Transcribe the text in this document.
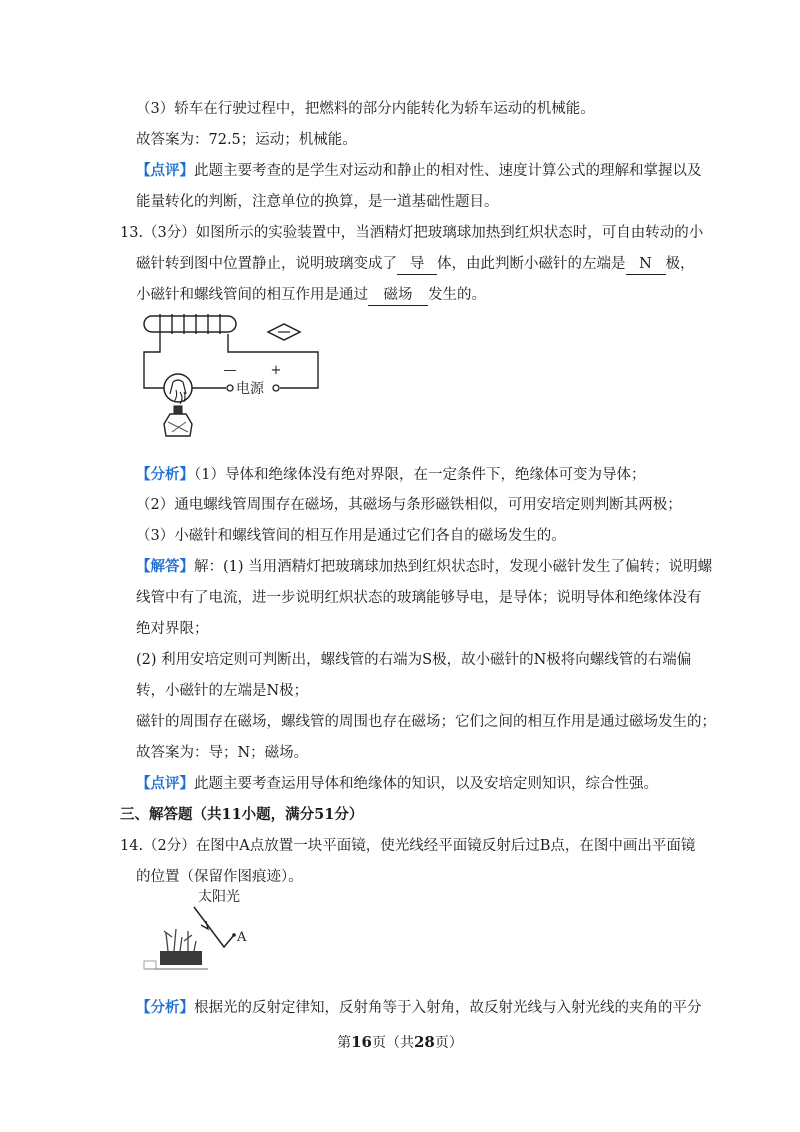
（3）轿车在行驶过程中，把燃料的部分内能转化为轿车运动的机械能。
故答案为：72.5；运动；机械能。
【点评】此题主要考查的是学生对运动和静止的相对性、速度计算公式的理解和掌握以及
能量转化的判断，注意单位的换算，是一道基础性题目。
13.（3分）如图所示的实验装置中，当酒精灯把玻璃球加热到红炽状态时，可自由转动的小
磁针转到图中位置静止，说明玻璃变成了 导 体，由此判断小磁针的左端是 N 极，
小磁针和螺线管间的相互作用是通过 磁场 发生的。
—	+
电源
【分析】（1）导体和绝缘体没有绝对界限，在一定条件下，绝缘体可变为导体；
（2）通电螺线管周围存在磁场，其磁场与条形磁铁相似，可用安培定则判断其两极；
（3）小磁针和螺线管间的相互作用是通过它们各自的磁场发生的。
【解答】解：(1) 当用酒精灯把玻璃球加热到红炽状态时，发现小磁针发生了偏转；说明螺
线管中有了电流，进一步说明红炽状态的玻璃能够导电，是导体；说明导体和绝缘体没有
绝对界限；
(2) 利用安培定则可判断出，螺线管的右端为S极，故小磁针的N极将向螺线管的右端偏
转，小磁针的左端是N极；
磁针的周围存在磁场，螺线管的周围也存在磁场；它们之间的相互作用是通过磁场发生的；
故答案为：导；N；磁场。
【点评】此题主要考查运用导体和绝缘体的知识，以及安培定则知识，综合性强。
三、解答题（共11小题，满分51分）
14.（2分）在图中A点放置一块平面镜，使光线经平面镜反射后过B点，在图中画出平面镜
的位置（保留作图痕迹）。
太阳光
A
【分析】根据光的反射定律知，反射角等于入射角，故反射光线与入射光线的夹角的平分
第16页（共28页）
